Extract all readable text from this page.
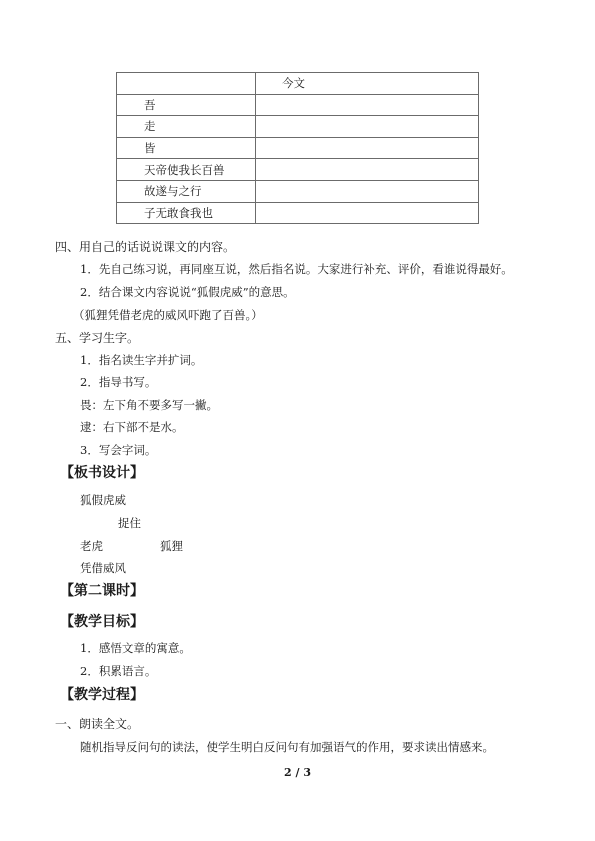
	今文
吾	
走	
皆	
天帝使我长百兽	
故遂与之行	
子无敢食我也	
四、用自己的话说说课文的内容。
1．先自己练习说，再同座互说，然后指名说。大家进行补充、评价，看谁说得最好。
2．结合课文内容说说“狐假虎威”的意思。
（狐狸凭借老虎的威风吓跑了百兽。）
五、学习生字。
1．指名读生字并扩词。
2．指导书写。
畏：左下角不要多写一撇。
逮：右下部不是水。
3．写会字词。
【板书设计】
狐假虎威
捉住
老虎	狐狸
凭借威风
【第二课时】
【教学目标】
1．感悟文章的寓意。
2．积累语言。
【教学过程】
一、朗读全文。
随机指导反问句的读法，使学生明白反问句有加强语气的作用，要求读出情感来。
2 / 3
